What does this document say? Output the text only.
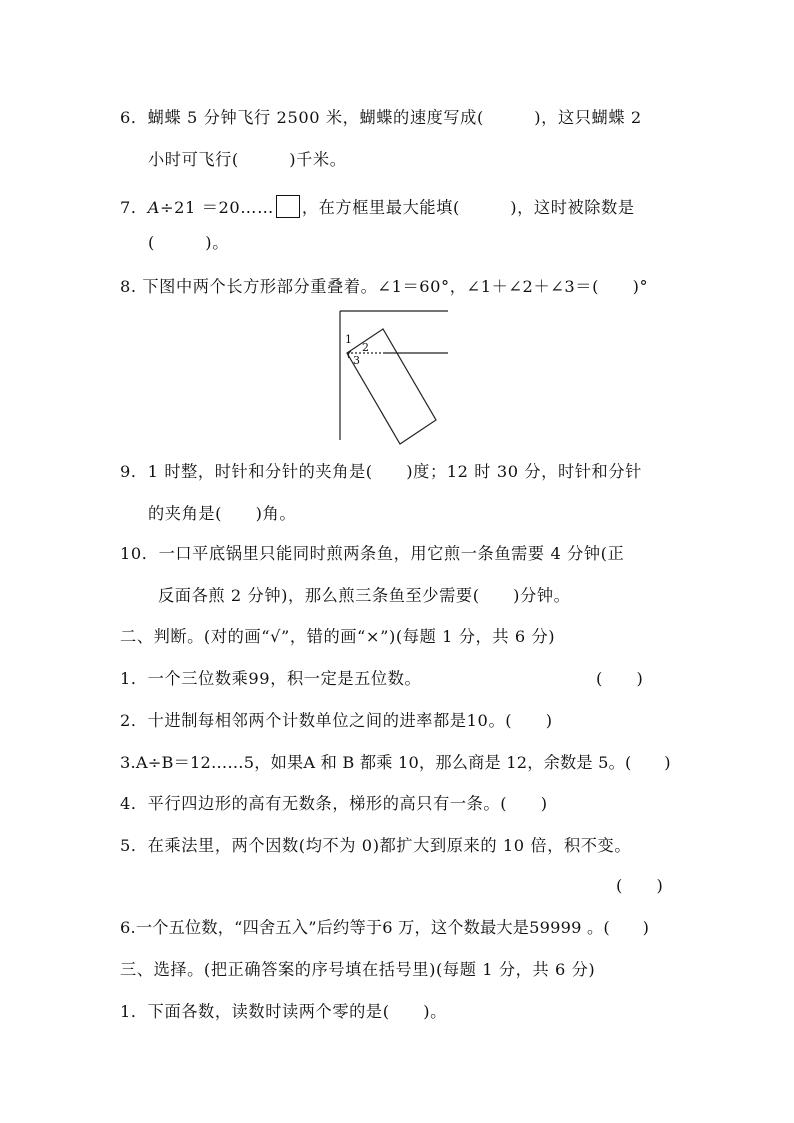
6．蝴蝶 5 分钟飞行 2500 米，蝴蝶的速度写成(　　　)，这只蝴蝶 2
小时可飞行(　　　)千米。
7．A÷21 ＝20…… ，在方框里最大能填(　　　)，这时被除数是
(　　　)。
8. 下图中两个长方形部分重叠着。∠1＝60°，∠1＋∠2＋∠3＝(　　)°
1
2
3
9．1 时整，时针和分针的夹角是(　　)度；12 时 30 分，时针和分针
的夹角是(　　)角。
10．一口平底锅里只能同时煎两条鱼，用它煎一条鱼需要 4 分钟(正
反面各煎 2 分钟)，那么煎三条鱼至少需要(　　)分钟。
二、判断。(对的画“√”，错的画“×”)(每题 1 分，共 6 分)
1．一个三位数乘99，积一定是五位数。	(　　)
2．十进制每相邻两个计数单位之间的进率都是10。(　　)
3.A÷B＝12……5，如果A 和 B 都乘 10，那么商是 12，余数是 5。(　　)
4．平行四边形的高有无数条，梯形的高只有一条。(　　)
5．在乘法里，两个因数(均不为 0)都扩大到原来的 10 倍，积不变。
(　　)
6.一个五位数，“四舍五入”后约等于6 万，这个数最大是59999 。(　　)
三、选择。(把正确答案的序号填在括号里)(每题 1 分，共 6 分)
1．下面各数，读数时读两个零的是(　　)。
